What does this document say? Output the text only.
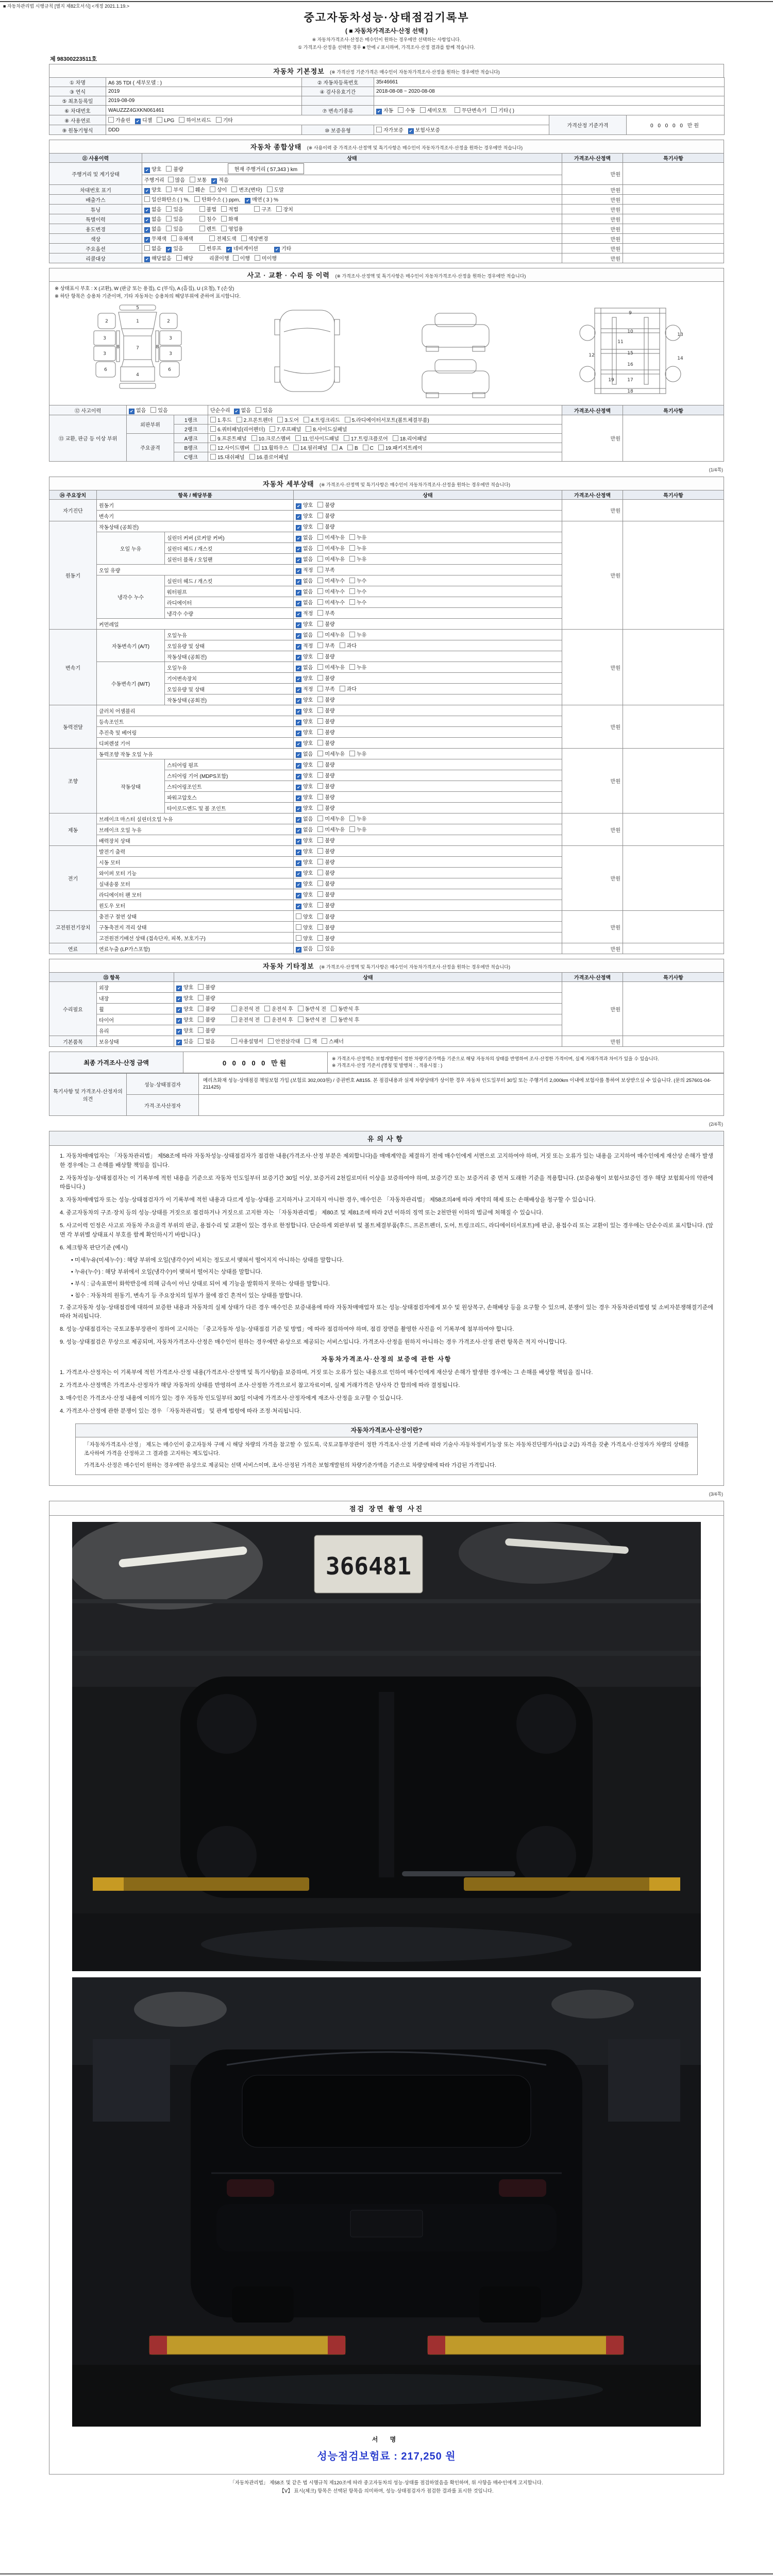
■ 자동차관리법 시행규칙 [별지 제82호서식] <개정 2021.1.19.>
중고자동차성능·상태점검기록부
( ■ 자동차가격조사·산정 선택 )
※ 자동차가격조사·산정은 매수인이 원하는 경우에만 선택하는 사항입니다.
① 가격조사·산정을 선택한 경우 ■ 안에 √ 표시하며, 가격조사·산정 결과를 함께 적습니다.
제 98300223511호
자동차 기본정보 (※ 가격산정 기준가격은 매수인이 자동차가격조사·산정을 원하는 경우에만 적습니다)
① 차명	A6 35 TDI ( 세부모델 : )	② 자동차등록번호	35r46661		
③ 연식	2019	④ 검사유효기간	2018-08-08 ~ 2020-08-08		
⑤ 최초등록일	2019-08-09				
⑥ 차대번호	WAUZZZ4GXKN061461	⑦ 변속기종류	✔ 자동 수동 세미오토 무단변속기 기타 ( )		
⑧ 사용연료	가솔린 ✔ 디젤 LPG 하이브리드 기타			가격산정 기준가격	0 0 0 0 0 만원
⑨ 원동기형식	DDD	⑩ 보증유형	자가보증 ✔ 보험사보증		
자동차 종합상태 (※ 사용이력 중 가격조사·산정액 및 특기사항은 매수인이 자동차가격조사·산정을 원하는 경우에만 적습니다)
⑪ 사용이력	상태	가격조사·산정액	특기사항
주행거리 및 계기상태	✔ 양호 불량 현재 주행거리 ( 57,343 ) km	만원	
	주행거리 많음 보통 ✔ 적음		
차대번호 표기	✔ 양호 부식 훼손 상이 변조(변타) 도말	만원	
배출가스	일산화탄소 ( ) %, 탄화수소 ( ) ppm, ✔ 매연 ( 3 ) %	만원	
튜닝	✔ 없음 있음 불법 적법 구조 장치	만원	
특별이력	✔ 없음 있음 침수 화재	만원	
용도변경	✔ 없음 있음 렌트 영업용	만원	
색상	✔ 무채색 유채색 전체도색 색상변경	만원	
주요옵션	없음 ✔ 있음 썬루프 ✔ 네비게이션 ✔ 기타	만원	
리콜대상	✔ 해당없음 해당 리콜이행 이행 미이행	만원	
사고 · 교환 · 수리 등 이력 (※ 가격조사·산정액 및 특기사항은 매수인이 자동차가격조사·산정을 원하는 경우에만 적습니다)
※ 상태표시 부호 : X (교환), W (판금 또는 용접), C (부식), A (흠집), U (요철), T (손상)
※ 하단 항목은 승용차 기준이며, 기타 자동차는 승용차의 해당부위에 준하여 표시합니다.
5
1
7
4
2	2
3
3
3
3
6	6
8	8
9
10
11
12
13
14
15
16
17
18
19
⑫ 사고이력	✔ 없음 있음		단순수리 ✔ 없음 있음	가격조사·산정액	특기사항
⑬ 교환, 판금 등 이상 부위	외판부위	1랭크	1.후드 2.프론트펜더 3.도어 4.트렁크리드 5.라디에이터서포트(볼트체결부품)	만원	
		2랭크	6.쿼터패널(리어펜더) 7.루프패널 8.사이드실패널		
	주요골격	A랭크	9.프론트패널 10.크로스멤버 11.인사이드패널 17.트렁크플로어 18.리어패널		
		B랭크	12.사이드멤버 13.휠하우스 14.필러패널 A B C 19.패키지트레이		
		C랭크	15.대쉬패널 16.플로어패널		
(1/4쪽)
자동차 세부상태 (※ 가격조사·산정액 및 특기사항은 매수인이 자동차가격조사·산정을 원하는 경우에만 적습니다)
⑭ 주요장치	항목 / 해당부품		상태	가격조사·산정액	특기사항
자기진단	원동기		✔ 양호 불량	만원	
	변속기		✔ 양호 불량		
원동기	작동상태 (공회전)		✔ 양호 불량	만원	
	오일 누유	실린더 커버 (로커암 커버)	✔ 없음 미세누유 누유		
		실린더 헤드 / 개스킷	✔ 없음 미세누유 누유		
		실린더 블록 / 오일팬	✔ 없음 미세누유 누유		
	오일 유량		✔ 적정 부족		
	냉각수 누수	실린더 헤드 / 개스킷	✔ 없음 미세누수 누수		
		워터펌프	✔ 없음 미세누수 누수		
		라디에이터	✔ 없음 미세누수 누수		
		냉각수 수량	✔ 적정 부족		
	커먼레일		✔ 양호 불량		
변속기	자동변속기 (A/T)	오일누유	✔ 없음 미세누유 누유	만원	
		오일유량 및 상태	✔ 적정 부족 과다		
		작동상태 (공회전)	✔ 양호 불량		
	수동변속기 (M/T)	오일누유	✔ 없음 미세누유 누유		
		기어변속장치	✔ 양호 불량		
		오일유량 및 상태	✔ 적정 부족 과다		
		작동상태 (공회전)	✔ 양호 불량		
동력전달	클러치 어셈블리		✔ 양호 불량	만원	
	등속조인트		✔ 양호 불량		
	추진축 및 베어링		✔ 양호 불량		
	디퍼렌셜 기어		✔ 양호 불량		
조향	동력조향 작동 오일 누유		✔ 없음 미세누유 누유	만원	
	작동상태	스티어링 펌프	✔ 양호 불량		
		스티어링 기어 (MDPS포함)	✔ 양호 불량		
		스티어링조인트	✔ 양호 불량		
		파워고압호스	✔ 양호 불량		
		타이로드엔드 및 볼 조인트	✔ 양호 불량		
제동	브레이크 마스터 실린더오일 누유		✔ 없음 미세누유 누유	만원	
	브레이크 오일 누유		✔ 없음 미세누유 누유		
	배력장치 상태		✔ 양호 불량		
전기	발전기 출력		✔ 양호 불량	만원	
	시동 모터		✔ 양호 불량		
	와이퍼 모터 기능		✔ 양호 불량		
	실내송풍 모터		✔ 양호 불량		
	라디에이터 팬 모터		✔ 양호 불량		
	윈도우 모터		✔ 양호 불량		
고전원전기장치	충전구 절연 상태		양호 불량	만원	
	구동축전지 격리 상태		양호 불량		
	고전원전기배선 상태 (접속단자, 피복, 보호기구)		양호 불량		
연료	연료누출 (LP가스포함)		✔ 없음 있음	만원	
자동차 기타정보 (※ 가격조사·산정액 및 특기사항은 매수인이 자동차가격조사·산정을 원하는 경우에만 적습니다)
⑮ 항목		상태	가격조사·산정액	특기사항
수리필요	외장	✔ 양호 불량	만원	
	내장	✔ 양호 불량		
	휠	✔ 양호 불량 운전석 전 운전석 후 동반석 전 동반석 후		
	타이어	✔ 양호 불량 운전석 전 운전석 후 동반석 전 동반석 후		
	유리	✔ 양호 불량		
기본품목	보유상태	✔ 있음 없음 사용설명서 안전삼각대 잭 스패너	만원	
최종 가격조사·산정 금액	0 0 0 0 0 만원	
※ 가격조사·산정액은 보험개발원이 정한 차량기준가액을 기준으로 해당 자동차의 상태를 반영하여 조사·산정한 가격이며, 실제 거래가격과 차이가 있을 수 있습니다.
※ 가격조사·산정 기준서 (명칭 및 발행처 : , 적용시점 : )
특기사항 및 가격조사·산정자의 의견	성능·상태점검자	메리츠화재 성능·상태점검 책임보험 가입 (보험료 302,003원) / 증권번호 A8155. 본 점검내용과 실제 차량상태가 상이한 경우 자동차 인도일부터 30일 또는 주행거리 2,000km 이내에 보험사를 통하여 보상받으실 수 있습니다. (문의 257601-04-211425)
	가격·조사산정자	
(2/4쪽)
유의사항
1. 자동차매매업자는 「자동차관리법」 제58조에 따라 자동차성능·상태점검자가 점검한 내용(가격조사·산정 부분은 제외합니다)을 매매계약을 체결하기 전에 매수인에게 서면으로 고지하여야 하며, 거짓 또는 오류가 있는 내용을 고지하여 매수인에게 재산상 손해가 발생한 경우에는 그 손해를 배상할 책임을 집니다.
2. 자동차성능·상태점검자는 이 기록부에 적힌 내용을 기준으로 자동차 인도일부터 보증기간 30일 이상, 보증거리 2천킬로미터 이상을 보증하여야 하며, 보증기간 또는 보증거리 중 먼저 도래한 기준을 적용합니다. (보증유형이 보험사보증인 경우 해당 보험회사의 약관에 따릅니다.)
3. 자동차매매업자 또는 성능·상태점검자가 이 기록부에 적힌 내용과 다르게 성능·상태를 고지하거나 고지하지 아니한 경우, 매수인은 「자동차관리법」 제58조의4에 따라 계약의 해제 또는 손해배상을 청구할 수 있습니다.
4. 중고자동차의 구조·장치 등의 성능·상태를 거짓으로 점검하거나 거짓으로 고지한 자는 「자동차관리법」 제80조 및 제81조에 따라 2년 이하의 징역 또는 2천만원 이하의 벌금에 처해질 수 있습니다.
5. 사고이력 인정은 사고로 자동차 주요골격 부위의 판금, 용접수리 및 교환이 있는 경우로 한정합니다. 단순하게 외판부위 및 볼트체결부품(후드, 프론트펜더, 도어, 트렁크리드, 라디에이터서포트)에 판금, 용접수리 또는 교환이 있는 경우에는 단순수리로 표시합니다. (앞면 각 부위별 상태표시 부호를 함께 확인하시기 바랍니다.)
6. 체크항목 판단기준 (예시)
• 미세누유(미세누수) : 해당 부위에 오일(냉각수)이 비치는 정도로서 맺혀서 떨어지지 아니하는 상태를 말합니다.
• 누유(누수) : 해당 부위에서 오일(냉각수)이 맺혀서 떨어지는 상태를 말합니다.
• 부식 : 금속표면이 화학반응에 의해 금속이 아닌 상태로 되어 제 기능을 발휘하지 못하는 상태를 말합니다.
• 침수 : 자동차의 원동기, 변속기 등 주요장치의 일부가 물에 잠긴 흔적이 있는 상태를 말합니다.
7. 중고자동차 성능·상태점검에 대하여 보증한 내용과 자동차의 실제 상태가 다른 경우 매수인은 보증내용에 따라 자동차매매업자 또는 성능·상태점검자에게 보수 및 원상복구, 손해배상 등을 요구할 수 있으며, 분쟁이 있는 경우 자동차관리법령 및 소비자분쟁해결기준에 따라 처리됩니다.
8. 성능·상태점검자는 국토교통부장관이 정하여 고시하는 「중고자동차 성능·상태점검 기준 및 방법」에 따라 점검하여야 하며, 점검 장면을 촬영한 사진을 이 기록부에 첨부하여야 합니다.
9. 성능·상태점검은 무상으로 제공되며, 자동차가격조사·산정은 매수인이 원하는 경우에만 유상으로 제공되는 서비스입니다. 가격조사·산정을 원하지 아니하는 경우 가격조사·산정 관련 항목은 적지 아니합니다.
자동차가격조사·산정의 보증에 관한 사항
1. 가격조사·산정자는 이 기록부에 적힌 가격조사·산정 내용(가격조사·산정액 및 특기사항)을 보증하며, 거짓 또는 오류가 있는 내용으로 인하여 매수인에게 재산상 손해가 발생한 경우에는 그 손해를 배상할 책임을 집니다.
2. 가격조사·산정액은 가격조사·산정자가 해당 자동차의 상태를 반영하여 조사·산정한 가격으로서 참고자료이며, 실제 거래가격은 당사자 간 합의에 따라 결정됩니다.
3. 매수인은 가격조사·산정 내용에 이의가 있는 경우 자동차 인도일부터 30일 이내에 가격조사·산정자에게 재조사·산정을 요구할 수 있습니다.
4. 가격조사·산정에 관한 분쟁이 있는 경우 「자동차관리법」 및 관계 법령에 따라 조정·처리됩니다.
자동차가격조사·산정이란?
「자동차가격조사·산정」 제도는 매수인이 중고자동차 구매 시 해당 차량의 가격을 참고할 수 있도록, 국토교통부장관이 정한 가격조사·산정 기준에 따라 기술사·자동차정비기능장 또는 자동차진단평가사(1급·2급) 자격을 갖춘 가격조사·산정자가 차량의 상태를 조사하여 가격을 산정하고 그 결과를 고지하는 제도입니다.
가격조사·산정은 매수인이 원하는 경우에만 유상으로 제공되는 선택 서비스이며, 조사·산정된 가격은 보험개발원의 차량기준가액을 기준으로 차량상태에 따라 가감된 가격입니다.
(3/4쪽)
점검 장면 촬영 사진
366481
서 명
성능점검보험료 : 217,250 원
「자동차관리법」 제58조 및 같은 법 시행규칙 제120조에 따라 중고자동차의 성능·상태를 점검하였음을 확인하며, 위 사항을 매수인에게 고지합니다.
【Ⅴ】 표시(체크) 항목은 선택된 항목을 의미하며, 성능·상태점검자가 점검한 결과를 표시한 것입니다.
